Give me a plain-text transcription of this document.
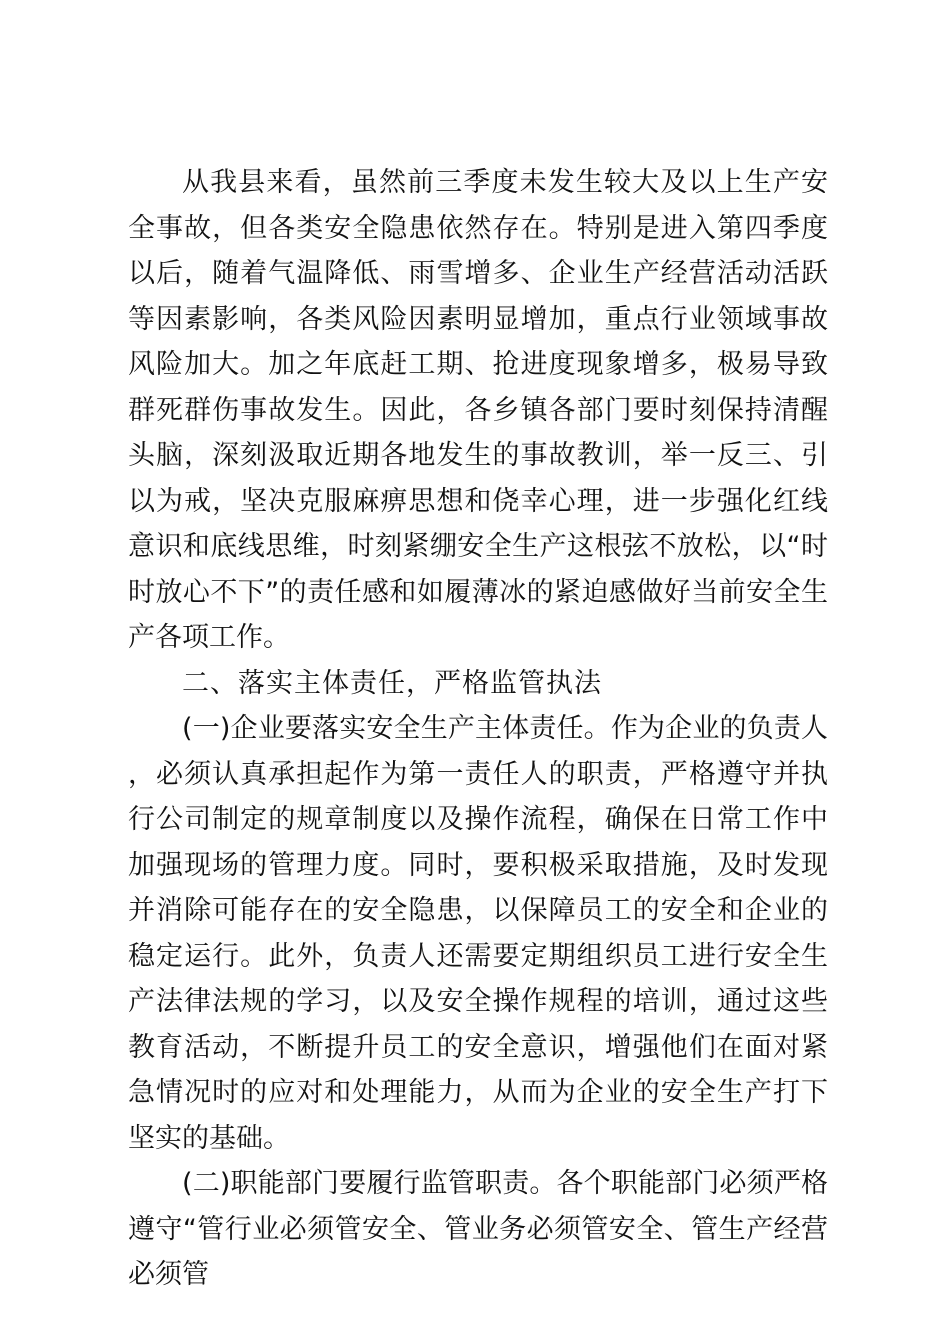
从我县来看，虽然前三季度未发生较大及以上生产安全事故，但各类安全隐患依然存在。特别是进入第四季度以后，随着气温降低、雨雪增多、企业生产经营活动活跃等因素影响，各类风险因素明显增加，重点行业领域事故风险加大。加之年底赶工期、抢进度现象增多，极易导致群死群伤事故发生。因此，各乡镇各部门要时刻保持清醒头脑，深刻汲取近期各地发生的事故教训，举一反三、引以为戒，坚决克服麻痹思想和侥幸心理，进一步强化红线意识和底线思维，时刻紧绷安全生产这根弦不放松，以“时时放心不下”的责任感和如履薄冰的紧迫感做好当前安全生产各项工作。

二、落实主体责任，严格监管执法

(一)企业要落实安全生产主体责任。作为企业的负责人，必须认真承担起作为第一责任人的职责，严格遵守并执行公司制定的规章制度以及操作流程，确保在日常工作中加强现场的管理力度。同时，要积极采取措施，及时发现并消除可能存在的安全隐患，以保障员工的安全和企业的稳定运行。此外，负责人还需要定期组织员工进行安全生产法律法规的学习，以及安全操作规程的培训，通过这些教育活动，不断提升员工的安全意识，增强他们在面对紧急情况时的应对和处理能力，从而为企业的安全生产打下坚实的基础。

(二)职能部门要履行监管职责。各个职能部门必须严格遵守“管行业必须管安全、管业务必须管安全、管生产经营必须管
